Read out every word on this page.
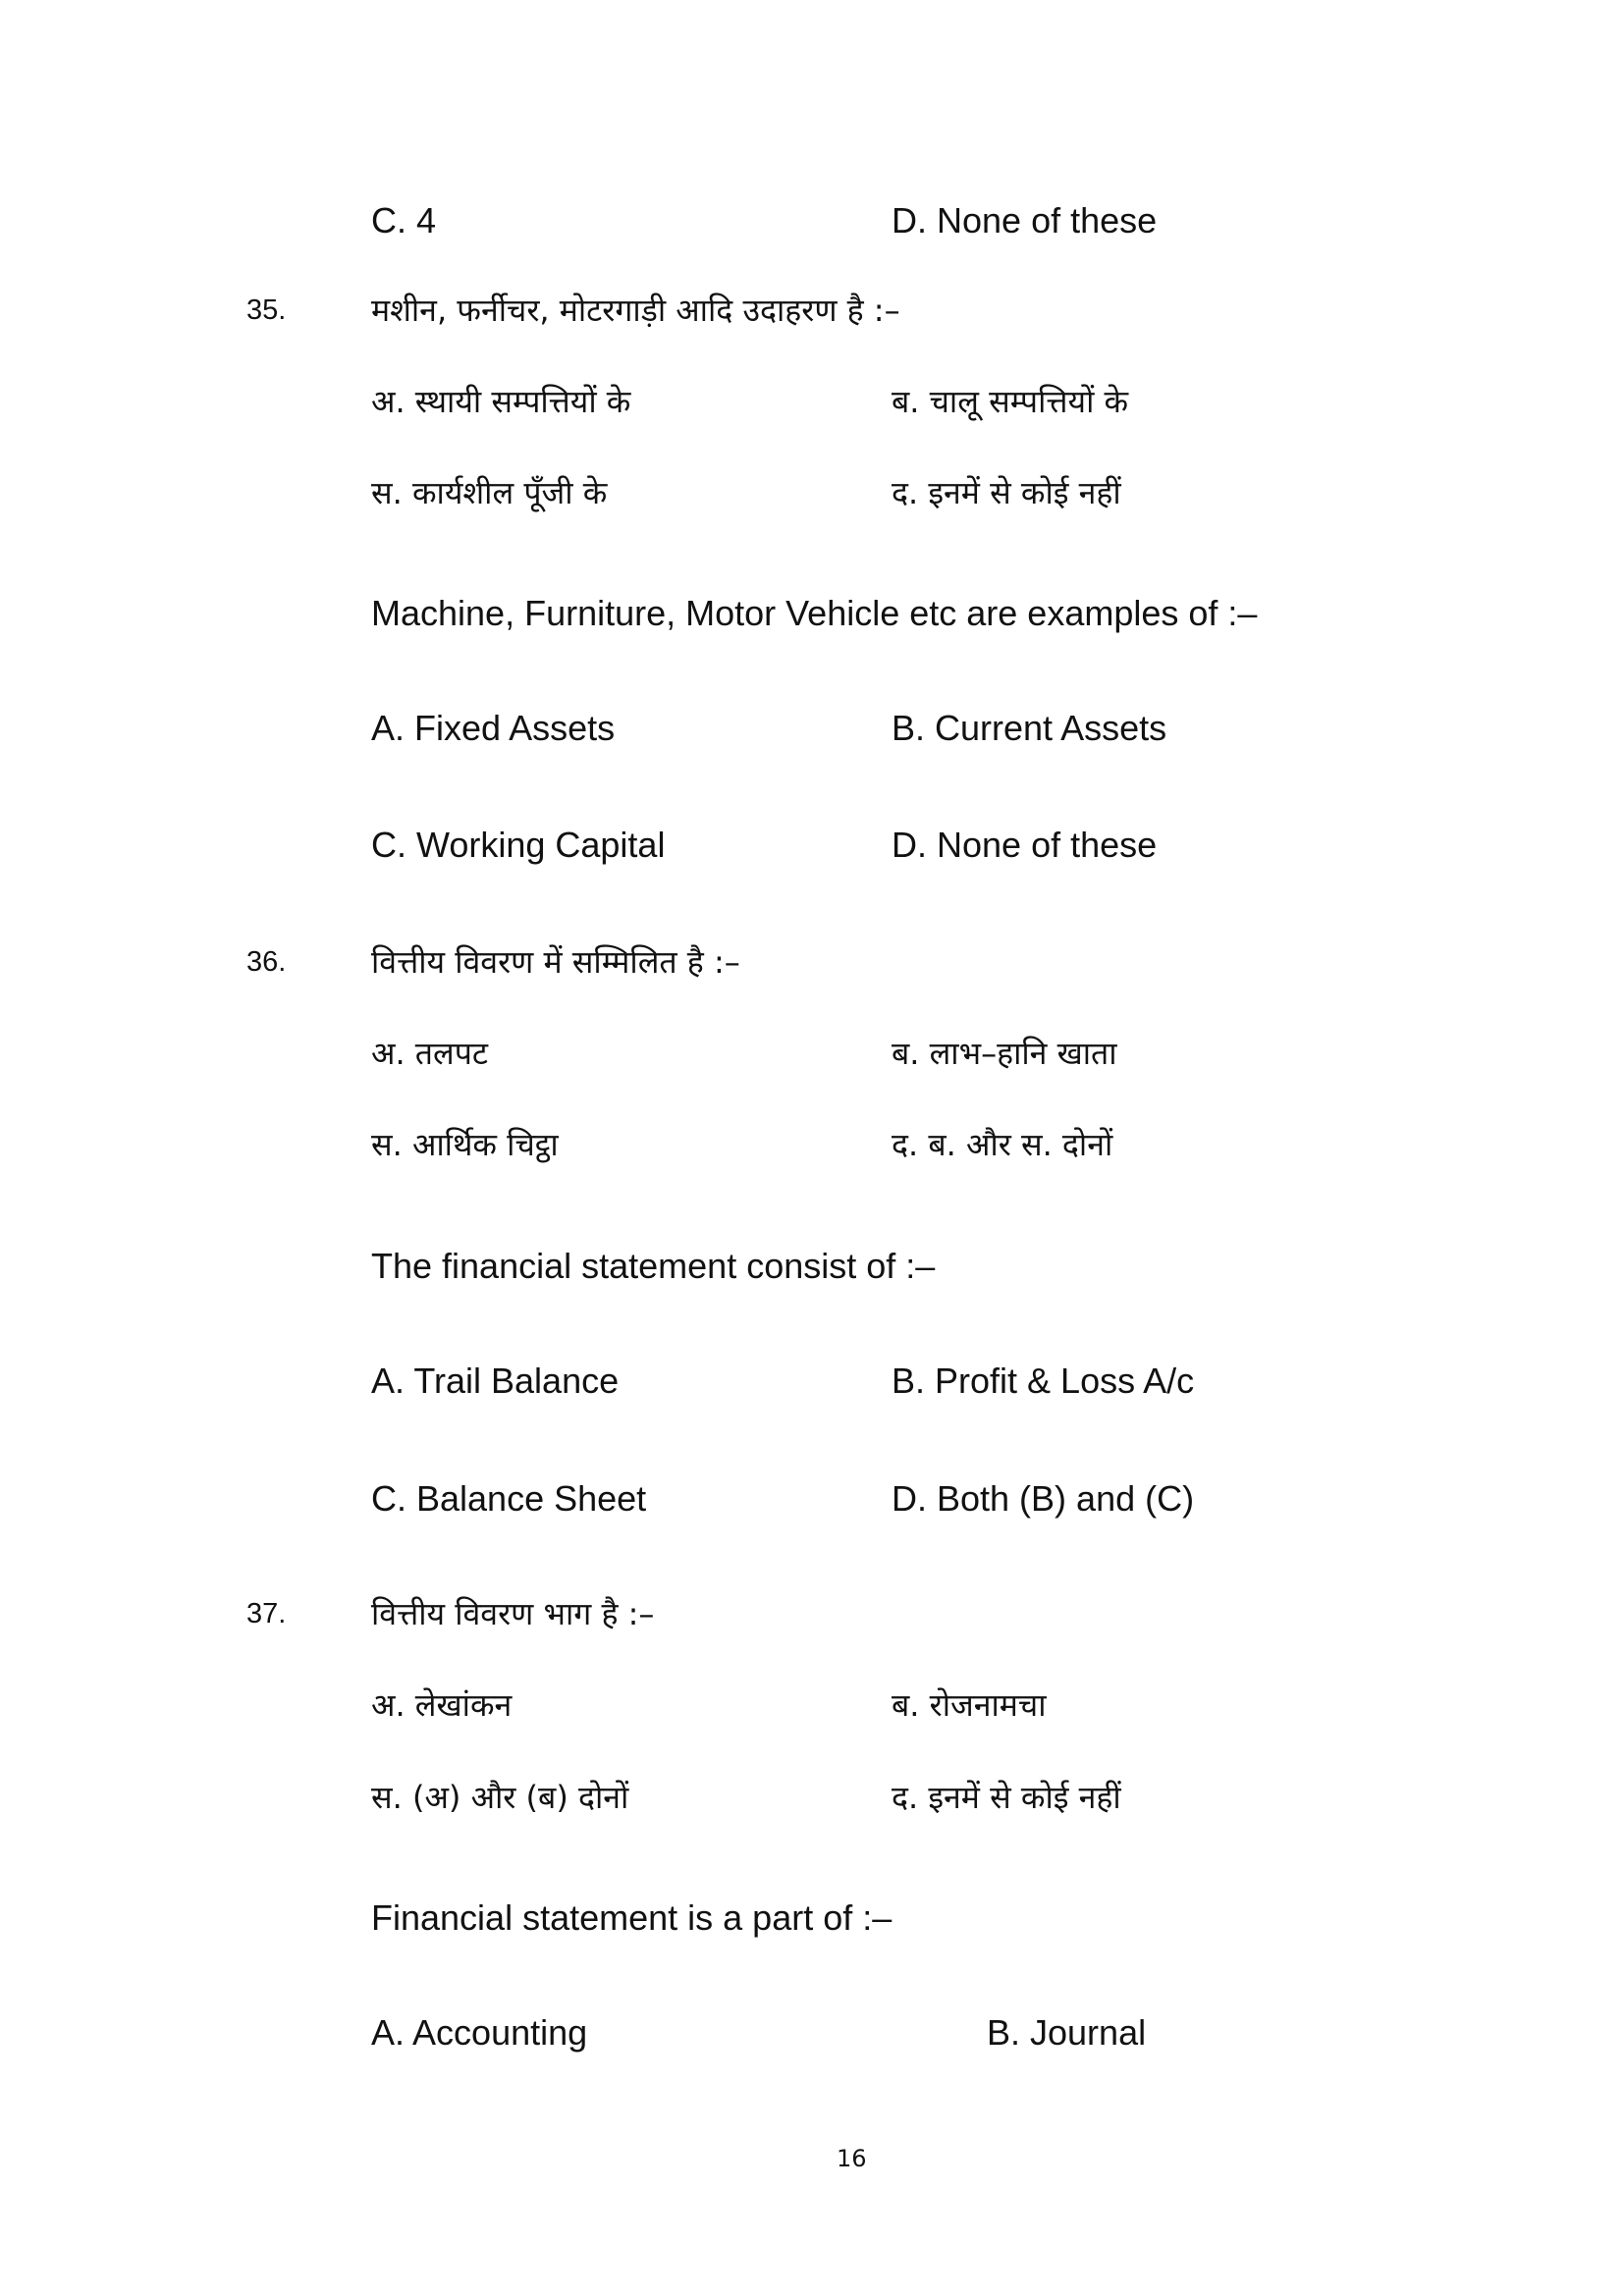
C. 4	D. None of these
35.	मशीन, फर्नीचर, मोटरगाड़ी आदि उदाहरण है :–
अ. स्थायी सम्पत्तियों के	ब. चालू सम्पत्तियों के
स. कार्यशील पूँजी के	द. इनमें से कोई नहीं
Machine, Furniture, Motor Vehicle etc are examples of :–
A. Fixed Assets	B. Current Assets
C. Working Capital	D. None of these
36.	वित्तीय विवरण में सम्मिलित है :–
अ. तलपट	ब. लाभ–हानि खाता
स. आर्थिक चिट्ठा	द. ब. और स. दोनों
The financial statement consist of :–
A. Trail Balance	B. Profit & Loss A/c
C. Balance Sheet	D. Both (B) and (C)
37.	वित्तीय विवरण भाग है :–
अ. लेखांकन	ब. रोजनामचा
स. (अ) और (ब) दोनों	द. इनमें से कोई नहीं
Financial statement is a part of :–
A. Accounting	B. Journal
16
